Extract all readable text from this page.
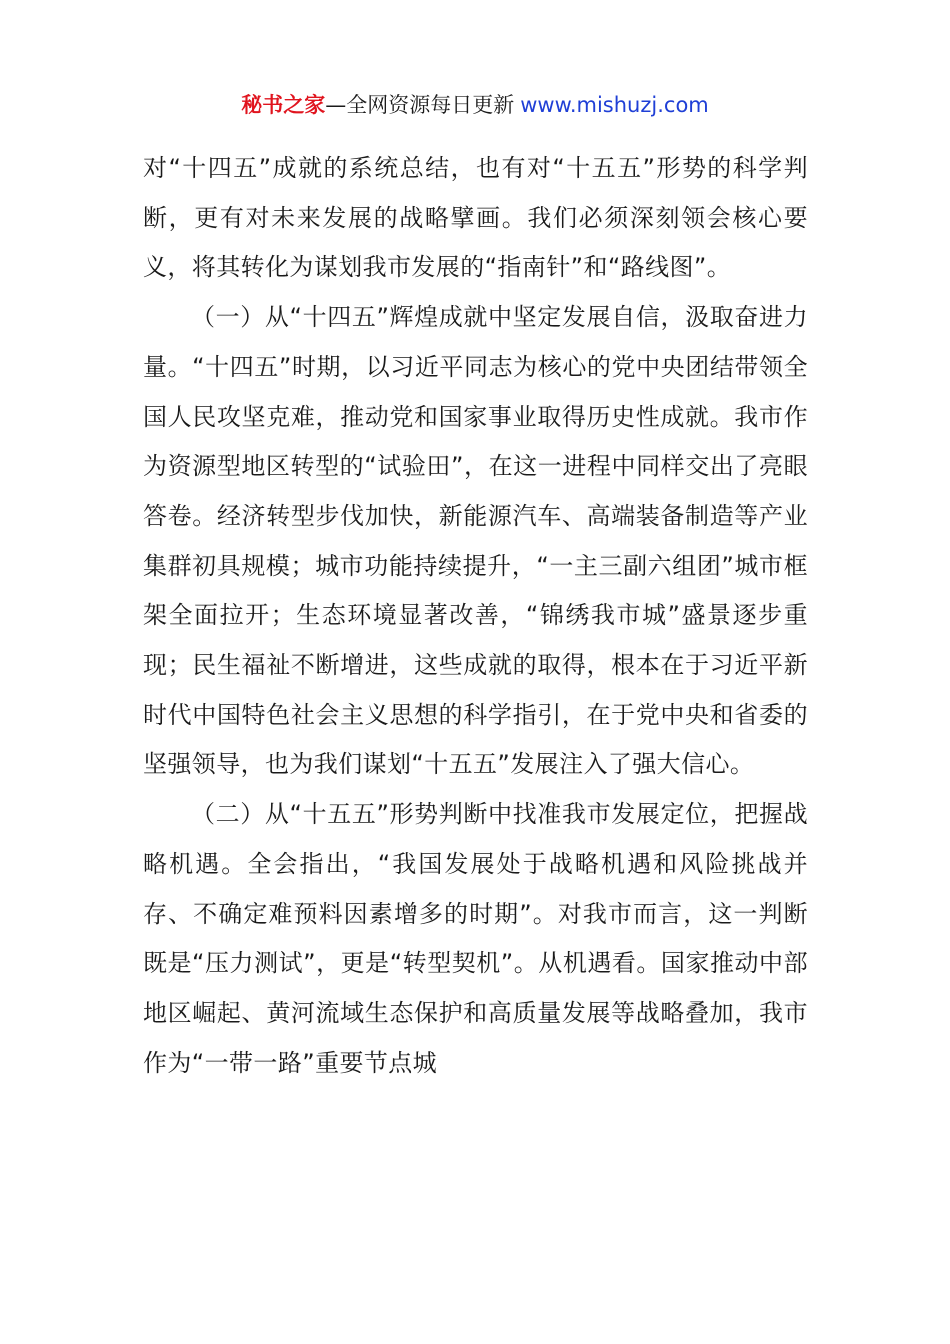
秘书之家—全网资源每日更新 www.mishuzj.com

对“十四五”成就的系统总结，也有对“十五五”形势的科学判断，更有对未来发展的战略擘画。我们必须深刻领会核心要义，将其转化为谋划我市发展的“指南针”和“路线图”。

（一）从“十四五”辉煌成就中坚定发展自信，汲取奋进力量。“十四五”时期，以习近平同志为核心的党中央团结带领全国人民攻坚克难，推动党和国家事业取得历史性成就。我市作为资源型地区转型的“试验田”，在这一进程中同样交出了亮眼答卷。经济转型步伐加快，新能源汽车、高端装备制造等产业集群初具规模；城市功能持续提升，“一主三副六组团”城市框架全面拉开；生态环境显著改善，“锦绣我市城”盛景逐步重现；民生福祉不断增进，这些成就的取得，根本在于习近平新时代中国特色社会主义思想的科学指引，在于党中央和省委的坚强领导，也为我们谋划“十五五”发展注入了强大信心。

（二）从“十五五”形势判断中找准我市发展定位，把握战略机遇。全会指出，“我国发展处于战略机遇和风险挑战并存、不确定难预料因素增多的时期”。对我市而言，这一判断既是“压力测试”，更是“转型契机”。从机遇看。国家推动中部地区崛起、黄河流域生态保护和高质量发展等战略叠加，我市作为“一带一路”重要节点城
